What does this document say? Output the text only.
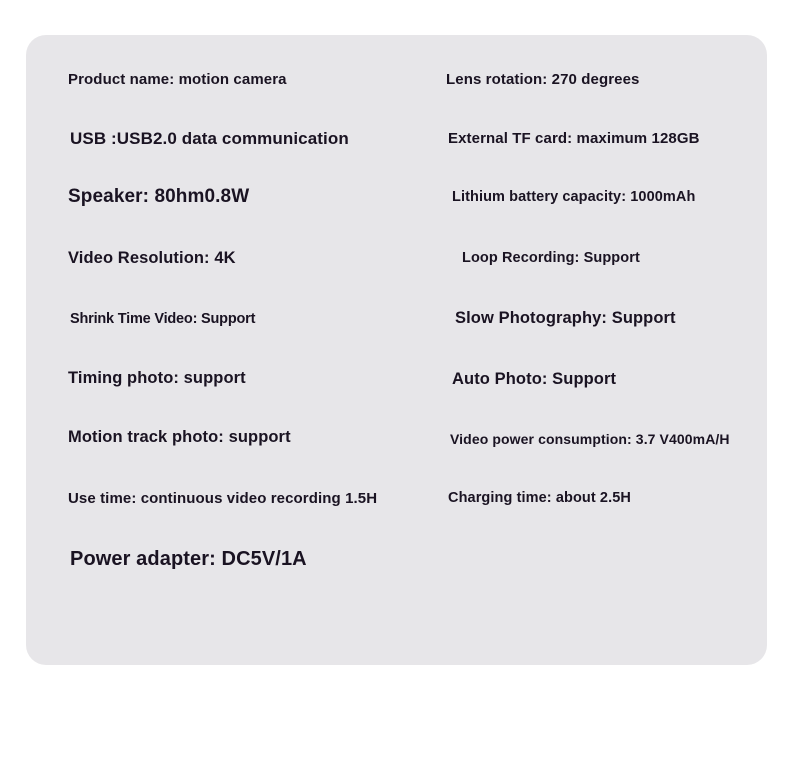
Product name: motion camera

USB :USB2.0 data communication

Speaker: 80hm0.8W

Video Resolution: 4K

Shrink Time Video: Support

Timing photo: support

Motion track photo: support

Use time: continuous video recording 1.5H

Power adapter: DC5V/1A

Lens rotation: 270 degrees

External TF card: maximum 128GB

Lithium battery capacity: 1000mAh

Loop Recording: Support

Slow Photography: Support

Auto Photo: Support

Video power consumption: 3.7 V400mA/H

Charging time: about 2.5H
